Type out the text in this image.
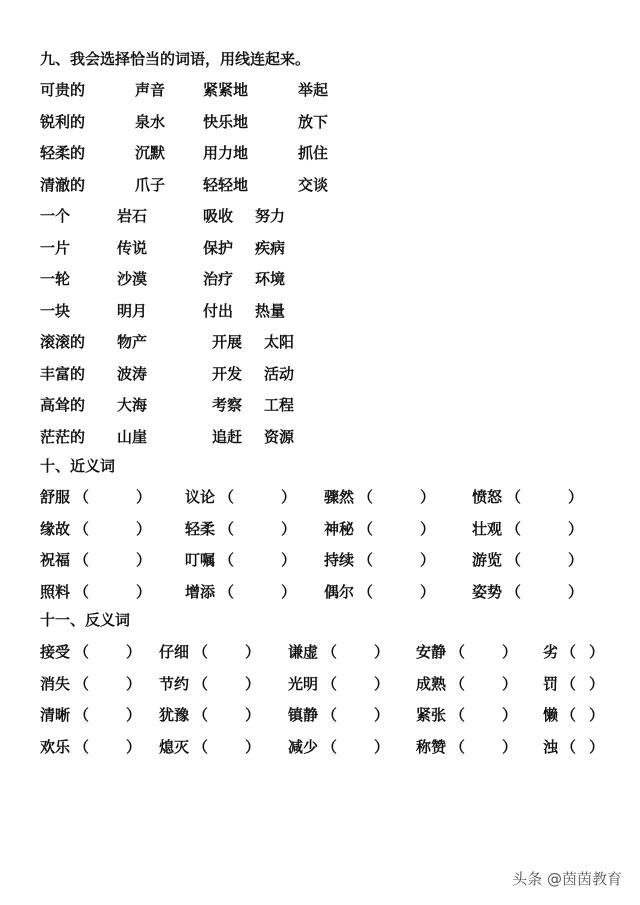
九、我会选择恰当的词语，用线连起来。
可贵的	声音	紧紧地	举起
锐利的	泉水	快乐地	放下
轻柔的	沉默	用力地	抓住
清澈的	爪子	轻轻地	交谈
一个	岩石	吸收 努力
一片	传说	保护 疾病
一轮	沙漠	治疗 环境
一块	明月	付出 热量
滚滚的 物产	开展 太阳
丰富的 波涛	开发 活动
高耸的 大海	考察 工程
茫茫的 山崖	追赶 资源
十、近义词
舒服 （	） 议论 （	） 骤然 （	） 愤怒 （	）
缘故 （	） 轻柔 （	） 神秘 （	） 壮观 （	）
祝福 （	） 叮嘱 （	） 持续 （	） 游览 （	）
照料 （	） 增添 （	） 偶尔 （	） 姿势 （	）
十一、反义词
接受 （ ） 仔细 （ ） 谦虚 （ ） 安静 （ ） 劣 （ ）
消失 （ ） 节约 （ ） 光明 （ ） 成熟 （ ） 罚 （ ）
清晰 （ ） 犹豫 （ ） 镇静 （ ） 紧张 （ ） 懒 （ ）
欢乐 （ ） 熄灭 （ ） 减少 （ ） 称赞 （ ） 浊 （ ）
头条 @茵茵教育
